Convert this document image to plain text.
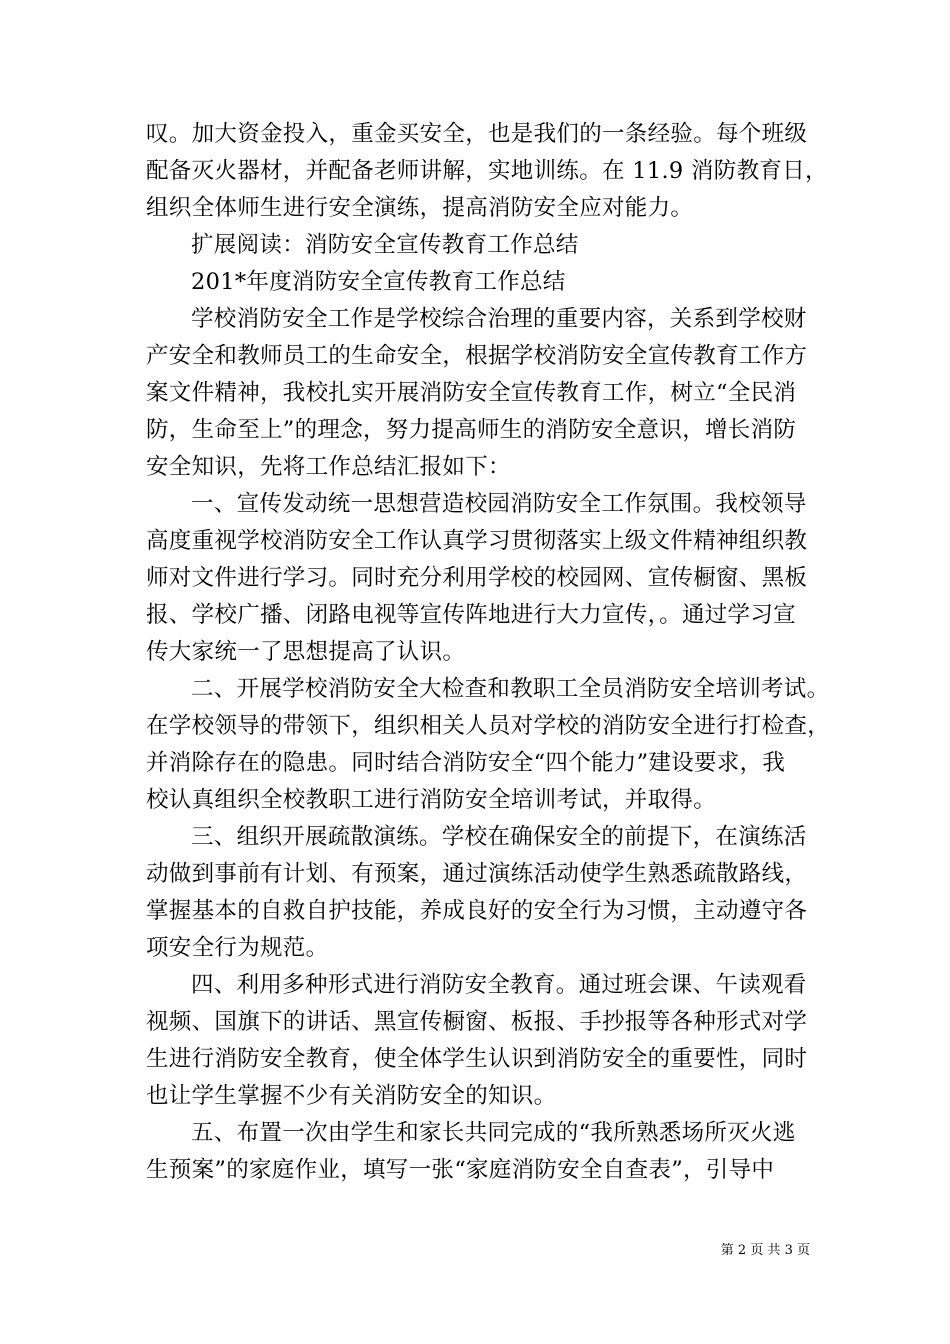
叹。加大资金投入，重金买安全，也是我们的一条经验。每个班级
配备灭火器材，并配备老师讲解，实地训练。在 11.9 消防教育日，
组织全体师生进行安全演练，提高消防安全应对能力。
扩展阅读：消防安全宣传教育工作总结
201*年度消防安全宣传教育工作总结
学校消防安全工作是学校综合治理的重要内容，关系到学校财
产安全和教师员工的生命安全，根据学校消防安全宣传教育工作方
案文件精神，我校扎实开展消防安全宣传教育工作，树立“全民消
防，生命至上”的理念，努力提高师生的消防安全意识，增长消防
安全知识，先将工作总结汇报如下：
一、宣传发动统一思想营造校园消防安全工作氛围。我校领导
高度重视学校消防安全工作认真学习贯彻落实上级文件精神组织教
师对文件进行学习。同时充分利用学校的校园网、宣传橱窗、黑板
报、学校广播、闭路电视等宣传阵地进行大力宣传，。通过学习宣
传大家统一了思想提高了认识。
二、开展学校消防安全大检查和教职工全员消防安全培训考试。
在学校领导的带领下，组织相关人员对学校的消防安全进行打检查，
并消除存在的隐患。同时结合消防安全“四个能力”建设要求，我
校认真组织全校教职工进行消防安全培训考试，并取得。
三、组织开展疏散演练。学校在确保安全的前提下，在演练活
动做到事前有计划、有预案，通过演练活动使学生熟悉疏散路线，
掌握基本的自救自护技能，养成良好的安全行为习惯，主动遵守各
项安全行为规范。
四、利用多种形式进行消防安全教育。通过班会课、午读观看
视频、国旗下的讲话、黑宣传橱窗、板报、手抄报等各种形式对学
生进行消防安全教育，使全体学生认识到消防安全的重要性，同时
也让学生掌握不少有关消防安全的知识。
五、布置一次由学生和家长共同完成的“我所熟悉场所灭火逃
生预案”的家庭作业，填写一张“家庭消防安全自查表”，引导中
第 2 页 共 3 页
